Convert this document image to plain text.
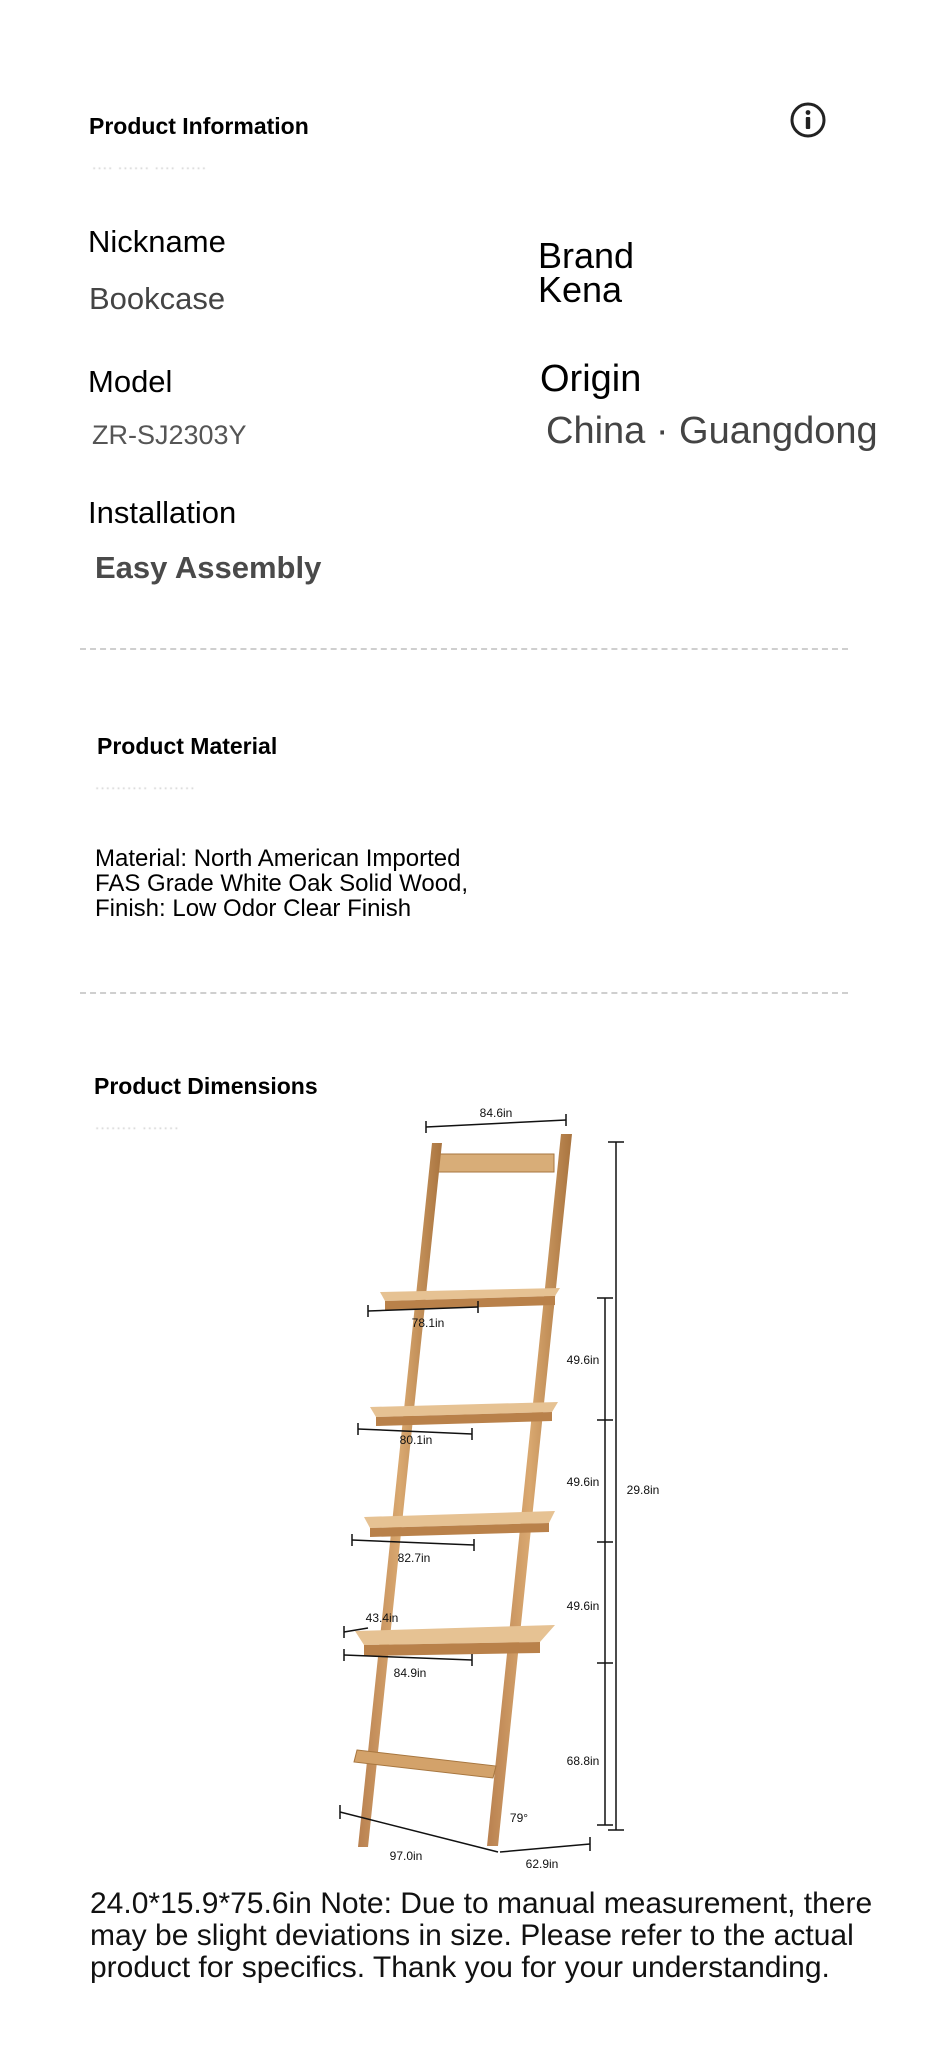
Product Information
···· ······ ···· ·····
Nickname
Bookcase
Brand
Kena
Model
ZR-SJ2303Y
Origin
China · Guangdong
Installation
Easy Assembly
Product Material
·········· ········
Material: North American Imported FAS Grade White Oak Solid Wood, Finish: Low Odor Clear Finish
Product Dimensions
········ ·······
84.6in
78.1in
80.1in
82.7in
84.9in
43.4in
49.6in
49.6in
49.6in
68.8in
29.8in
79°
97.0in
62.9in
24.0*15.9*75.6in Note: Due to manual measurement, there may be slight deviations in size. Please refer to the actual product for specifics. Thank you for your understanding.
